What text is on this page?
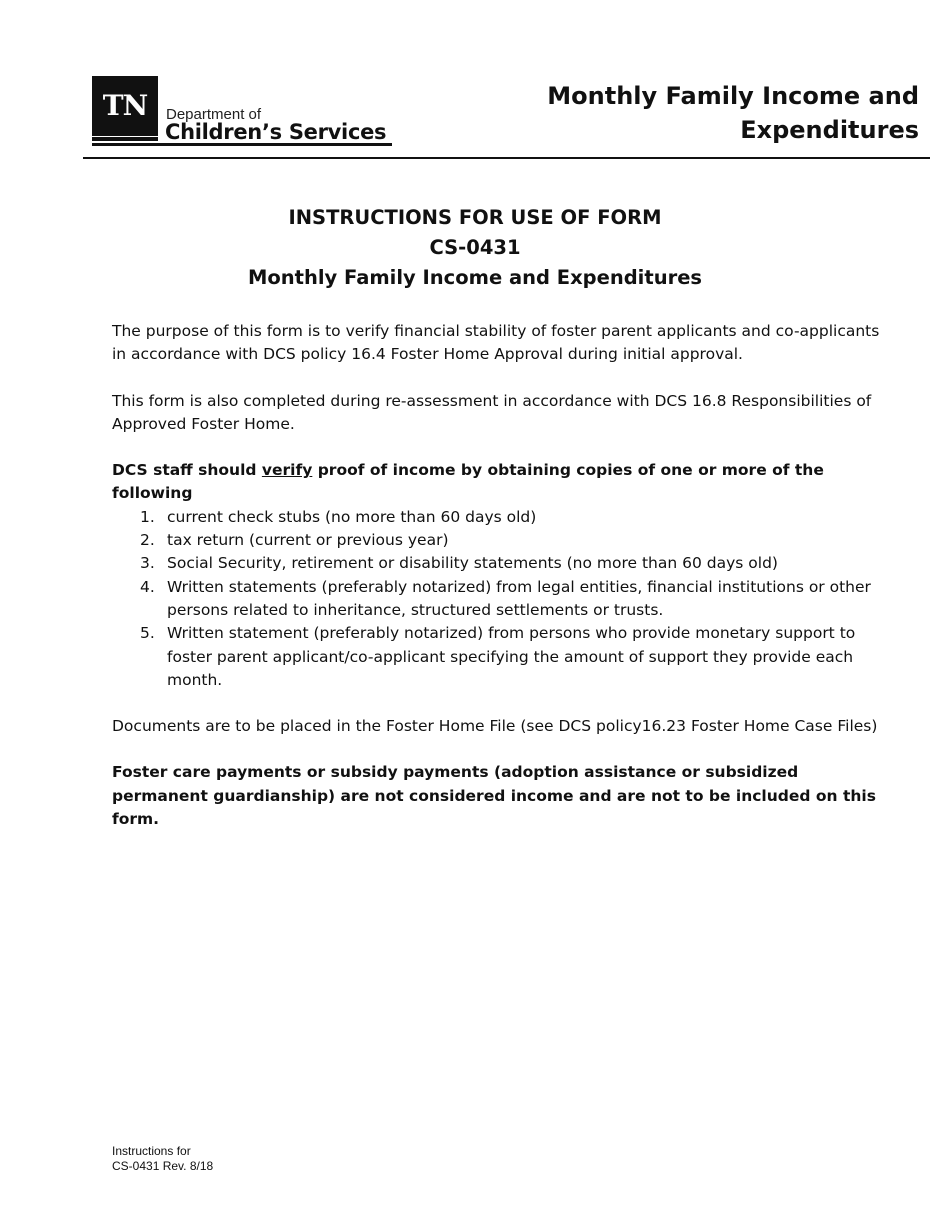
TN	Department of
Children’s Services
Monthly Family Income and
Expenditures
INSTRUCTIONS FOR USE OF FORM
CS-0431
Monthly Family Income and Expenditures

The purpose of this form is to verify financial stability of foster parent applicants and co-applicants in accordance with DCS policy 16.4 Foster Home Approval during initial approval.

This form is also completed during re-assessment in accordance with DCS 16.8 Responsibilities of Approved Foster Home.

DCS staff should verify proof of income by obtaining copies of one or more of the following
1. current check stubs (no more than 60 days old)
2. tax return (current or previous year)
3. Social Security, retirement or disability statements (no more than 60 days old)
4. Written statements (preferably notarized) from legal entities, financial institutions or other persons related to inheritance, structured settlements or trusts.
5. Written statement (preferably notarized) from persons who provide monetary support to foster parent applicant/co-applicant specifying the amount of support they provide each month.

Documents are to be placed in the Foster Home File (see DCS policy16.23 Foster Home Case Files)

Foster care payments or subsidy payments (adoption assistance or subsidized permanent guardianship) are not considered income and are not to be included on this form.

Instructions for
CS-0431 Rev. 8/18
